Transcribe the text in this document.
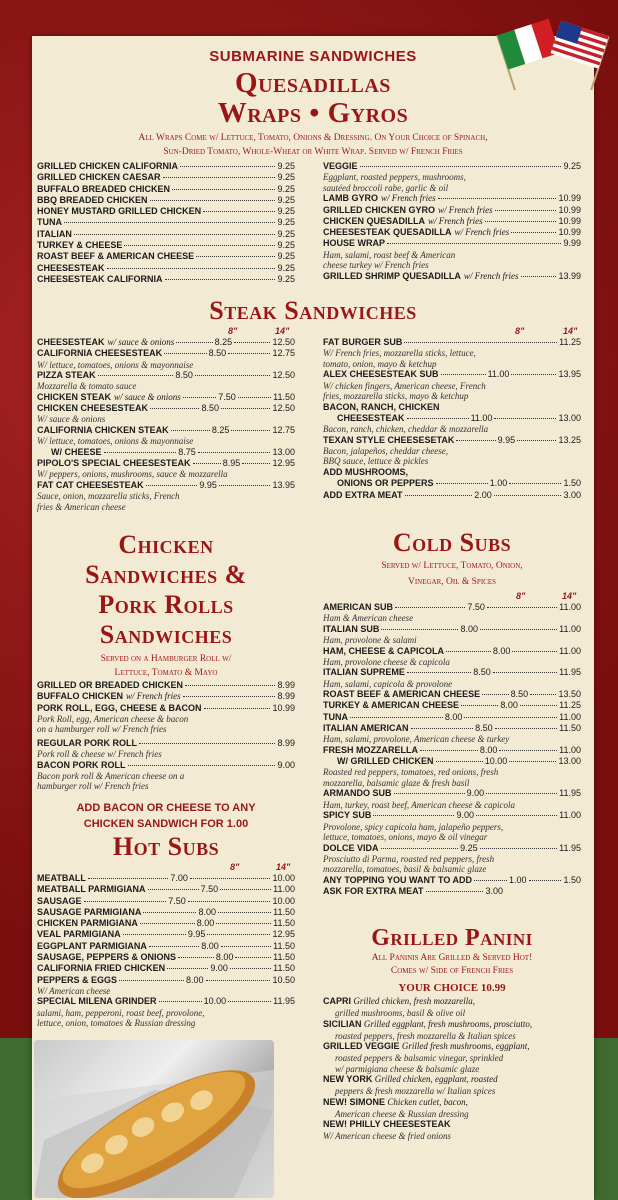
SUBMARINE SANDWICHES
Quesadillas
Wraps • Gyros
All Wraps Come w/ Lettuce, Tomato, Onions & Dressing. On Your Choice of Spinach,
Sun-Dried Tomato, Whole-Wheat or White Wrap. Served w/ French Fries
GRILLED CHICKEN CALIFORNIA	9.25
GRILLED CHICKEN CAESAR	9.25
BUFFALO BREADED CHICKEN	9.25
BBQ BREADED CHICKEN	9.25
HONEY MUSTARD GRILLED CHICKEN	9.25
TUNA	9.25
ITALIAN	9.25
TURKEY & CHEESE	9.25
ROAST BEEF & AMERICAN CHEESE	9.25
CHEESESTEAK	9.25
CHEESESTEAK CALIFORNIA	9.25
VEGGIE	9.25
Eggplant, roasted peppers, mushrooms,
sautéed broccoli rabe, garlic & oil
LAMB GYRO w/ French fries	10.99
GRILLED CHICKEN GYRO w/ French fries	10.99
CHICKEN QUESADILLA w/ French fries	10.99
CHEESESTEAK QUESADILLA w/ French fries	10.99
HOUSE WRAP	9.99
Ham, salami, roast beef & American
cheese turkey w/ French fries
GRILLED SHRIMP QUESADILLA w/ French fries	13.99
Steak Sandwiches
8"	14"	8"	14"
CHEESESTEAK w/ sauce & onions	8.25	12.50
CALIFORNIA CHEESESTEAK	8.50	12.75
W/ lettuce, tomatoes, onions & mayonnaise
PIZZA STEAK	8.50	12.50
Mozzarella & tomato sauce
CHICKEN STEAK w/ sauce & onions	7.50	11.50
CHICKEN CHEESESTEAK	8.50	12.50
W/ sauce & onions
CALIFORNIA CHICKEN STEAK	8.25	12.75
W/ lettuce, tomatoes, onions & mayonnaise
W/ CHEESE	8.75	13.00
PIPOLO'S SPECIAL CHEESESTEAK	8.95	12.95
W/ peppers, onions, mushrooms, sauce & mozzarella
FAT CAT CHEESESTEAK	9.95	13.95
Sauce, onion, mozzarella sticks, French
fries & American cheese
FAT BURGER SUB	11.25
W/ French fries, mozzarella sticks, lettuce,
tomato, onion, mayo & ketchup
ALEX CHEESESTEAK SUB	11.00	13.95
W/ chicken fingers, American cheese, French
fries, mozzarella sticks, mayo & ketchup
BACON, RANCH, CHICKEN
CHEESESTEAK	11.00	13.00
Bacon, ranch, chicken, cheddar & mozzarella
TEXAN STYLE CHEESESETAK	9.95	13.25
Bacon, jalapeños, cheddar cheese,
BBQ sauce, lettuce & pickles
ADD MUSHROOMS,
ONIONS OR PEPPERS	1.00	1.50
ADD EXTRA MEAT	2.00	3.00
Chicken
Sandwiches &
Pork Rolls
Sandwiches
Served on a Hamburger Roll w/
Lettuce, Tomato & Mayo
GRILLED OR BREADED CHICKEN	8.99
BUFFALO CHICKEN w/ French fries	8.99
PORK ROLL, EGG, CHEESE & BACON	10.99
Pork Roll, egg, American cheese & bacon
on a hamburger roll w/ French fries
REGULAR PORK ROLL	8.99
Pork roll & cheese w/ French fries
BACON PORK ROLL	9.00
Bacon pork roll & American cheese on a
hamburger roll w/ French fries
ADD BACON OR CHEESE TO ANY
CHICKEN SANDWICH FOR 1.00
Hot Subs
8"	14"
MEATBALL	7.00	10.00
MEATBALL PARMIGIANA	7.50	11.00
SAUSAGE	7.50	10.00
SAUSAGE PARMIGIANA	8.00	11.50
CHICKEN PARMIGIANA	8.00	11.50
VEAL PARMIGIANA	9.95	12.95
EGGPLANT PARMIGIANA	8.00	11.50
SAUSAGE, PEPPERS & ONIONS	8.00	11.50
CALIFORNIA FRIED CHICKEN	9.00	11.50
PEPPERS & EGGS	8.00	10.50
W/ American cheese
SPECIAL MILENA GRINDER	10.00	11.95
salami, ham, pepperoni, roast beef, provolone,
lettuce, onion, tomatoes & Russian dressing
Cold Subs
Served w/ Lettuce, Tomato, Onion,
Vinegar, Oil & Spices
8"	14"
AMERICAN SUB	7.50	11.00
Ham & American cheese
ITALIAN SUB	8.00	11.00
Ham, provolone & salami
HAM, CHEESE & CAPICOLA	8.00	11.00
Ham, provolone cheese & capicola
ITALIAN SUPREME	8.50	11.95
Ham, salami, capicola & provolone
ROAST BEEF & AMERICAN CHEESE	8.50	13.50
TURKEY & AMERICAN CHEESE	8.00	11.25
TUNA	8.00	11.00
ITALIAN AMERICAN	8.50	11.50
Ham, salami, provolone, American cheese & turkey
FRESH MOZZARELLA	8.00	11.00
W/ GRILLED CHICKEN	10.00	13.00
Roasted red peppers, tomatoes, red onions, fresh
mozzarella, balsamic glaze & fresh basil
ARMANDO SUB	9.00	11.95
Ham, turkey, roast beef, American cheese & capicola
SPICY SUB	9.00	11.00
Provolone, spicy capicola ham, jalapeño peppers,
lettuce, tomatoes, onions, mayo & oil vinegar
DOLCE VIDA	9.25	11.95
Prosciutto di Parma, roasted red peppers, fresh
mozzarella, tomatoes, basil & balsamic glaze
ANY TOPPING YOU WANT TO ADD	1.00	1.50
ASK FOR EXTRA MEAT	3.00
Grilled Panini
All Paninis Are Grilled & Served Hot!
Comes w/ Side of French Fries
YOUR CHOICE 10.99
CAPRI Grilled chicken, fresh mozzarella,
grilled mushrooms, basil & olive oil
SICILIAN Grilled eggplant, fresh mushrooms, prosciutto,
roasted peppers, fresh mozzarella & Italian spices
GRILLED VEGGIE Grilled fresh mushrooms, eggplant,
roasted peppers & balsamic vinegar, sprinkled
w/ parmigiana cheese & balsamic glaze
NEW YORK Grilled chicken, eggplant, roasted
peppers & fresh mozzarella w/ Italian spices
NEW! SIMONE Chicken cutlet, bacon,
American cheese & Russian dressing
NEW! PHILLY CHEESESTEAK
W/ American cheese & fried onions
